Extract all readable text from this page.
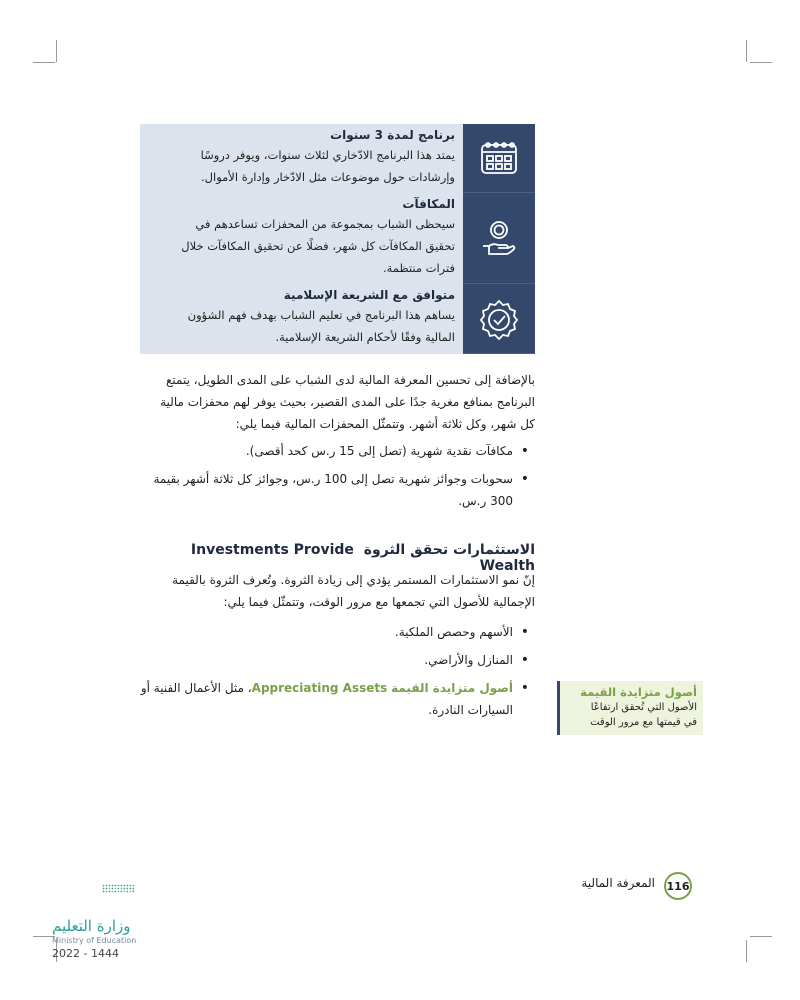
برنامج لمدة 3 سنوات
يمتد هذا البرنامج الادّخاري لثلاث سنوات، ويوفر دروسًا
وإرشادات حول موضوعات مثل الادّخار وإدارة الأموال.
المكافآت
سيحظى الشباب بمجموعة من المحفزات تساعدهم في
تحقيق المكافآت كل شهر، فضلًا عن تحقيق المكافآت خلال
فترات منتظمة.
متوافق مع الشريعة الإسلامية
يساهم هذا البرنامج في تعليم الشباب بهدف فهم الشؤون
المالية وفقًا لأحكام الشريعة الإسلامية.
بالإضافة إلى تحسين المعرفة المالية لدى الشباب على المدى الطويل، يتمتع
البرنامج بمنافع مغرية جدًا على المدى القصير، بحيث يوفر لهم محفزات مالية
كل شهر، وكل ثلاثة أشهر. وتتمثّل المحفزات المالية فيما يلي:
•
مكافآت نقدية شهرية (تصل إلى 15 ر.س كحد أقصى).
•
سحوبات وجوائز شهرية تصل إلى 100 ر.س، وجوائز كل ثلاثة أشهر بقيمة
300 ر.س.
الاستثمارات تحقق الثروة Investments Provide Wealth
إنّ نمو الاستثمارات المستمر يؤدي إلى زيادة الثروة. وتُعرف الثروة بالقيمة
الإجمالية للأصول التي تجمعها مع مرور الوقت، وتتمثّل فيما يلي:
•
الأسهم وحصص الملكية.
•
المنازل والأراضي.
•
أصول متزايدة القيمة Appreciating Assets، مثل الأعمال الفنية أو
السيارات النادرة.
أصول متزايدة القيمة
الأصول التي تُحقق ارتفاعًا
في قيمتها مع مرور الوقت
المعرفة المالية 116
وزارة التعليم
Ministry of Education
2022 - 1444
